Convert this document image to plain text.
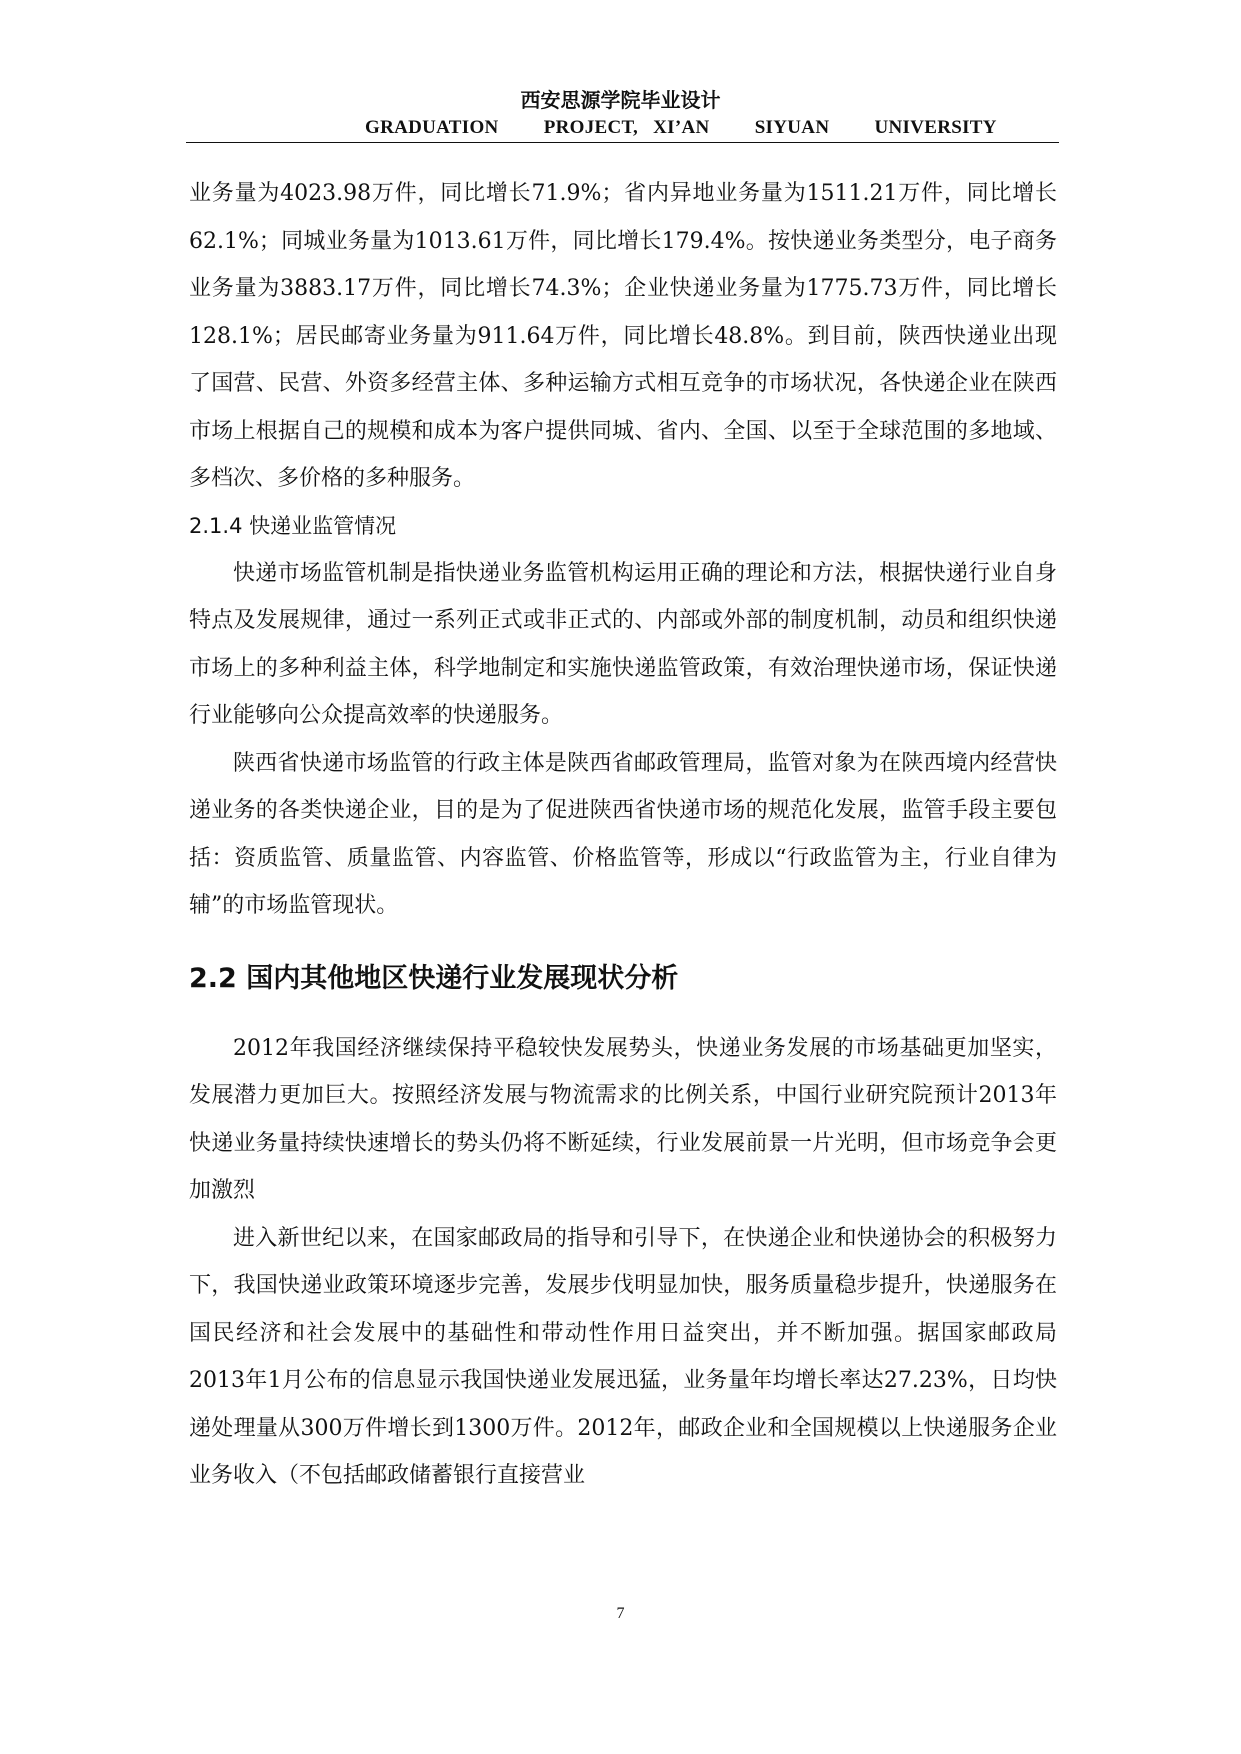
西安思源学院毕业设计
GRADUATION   PROJECT, XI’AN   SIYUAN   UNIVERSITY

业务量为4023.98万件，同比增长71.9%；省内异地业务量为1511.21万件，同比增长62.1%；同城业务量为1013.61万件，同比增长179.4%。按快递业务类型分，电子商务业务量为3883.17万件，同比增长74.3%；企业快递业务量为1775.73万件，同比增长128.1%；居民邮寄业务量为911.64万件，同比增长48.8%。到目前，陕西快递业出现了国营、民营、外资多经营主体、多种运输方式相互竞争的市场状况，各快递企业在陕西市场上根据自己的规模和成本为客户提供同城、省内、全国、以至于全球范围的多地域、多档次、多价格的多种服务。

2.1.4 快递业监管情况

快递市场监管机制是指快递业务监管机构运用正确的理论和方法，根据快递行业自身特点及发展规律，通过一系列正式或非正式的、内部或外部的制度机制，动员和组织快递市场上的多种利益主体，科学地制定和实施快递监管政策，有效治理快递市场，保证快递行业能够向公众提高效率的快递服务。

陕西省快递市场监管的行政主体是陕西省邮政管理局，监管对象为在陕西境内经营快递业务的各类快递企业，目的是为了促进陕西省快递市场的规范化发展，监管手段主要包括：资质监管、质量监管、内容监管、价格监管等，形成以“行政监管为主，行业自律为辅”的市场监管现状。

2.2 国内其他地区快递行业发展现状分析

2012年我国经济继续保持平稳较快发展势头，快递业务发展的市场基础更加坚实，发展潜力更加巨大。按照经济发展与物流需求的比例关系，中国行业研究院预计2013年快递业务量持续快速增长的势头仍将不断延续，行业发展前景一片光明，但市场竞争会更加激烈

进入新世纪以来，在国家邮政局的指导和引导下，在快递企业和快递协会的积极努力下，我国快递业政策环境逐步完善，发展步伐明显加快，服务质量稳步提升，快递服务在国民经济和社会发展中的基础性和带动性作用日益突出，并不断加强。据国家邮政局2013年1月公布的信息显示我国快递业发展迅猛，业务量年均增长率达27.23%，日均快递处理量从300万件增长到1300万件。2012年，邮政企业和全国规模以上快递服务企业业务收入（不包括邮政储蓄银行直接营业

7
